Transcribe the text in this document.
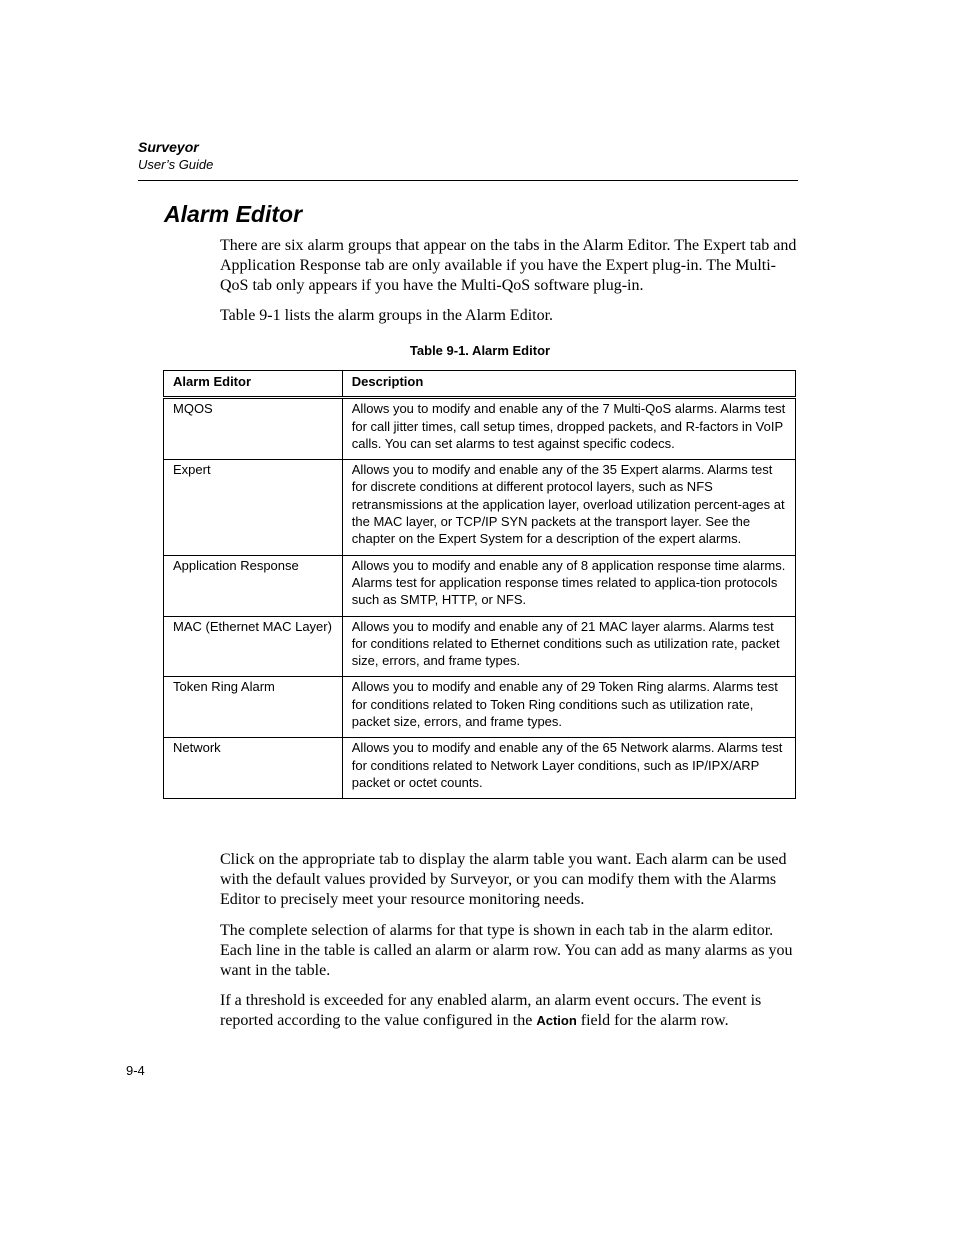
Surveyor
User’s Guide
Alarm Editor

There are six alarm groups that appear on the tabs in the Alarm Editor. The Expert tab and Application Response tab are only available if you have the Expert plug-in. The Multi-QoS tab only appears if you have the Multi-QoS software plug-in.

Table 9-1 lists the alarm groups in the Alarm Editor.

Table 9-1. Alarm Editor
Alarm Editor	Description
MQOS	Allows you to modify and enable any of the 7 Multi-QoS alarms. Alarms test for call jitter times, call setup times, dropped packets, and R-factors in VoIP calls. You can set alarms to test against specific codecs.
Expert	Allows you to modify and enable any of the 35 Expert alarms. Alarms test for discrete conditions at different protocol layers, such as NFS retransmissions at the application layer, overload utilization percent-ages at the MAC layer, or TCP/IP SYN packets at the transport layer. See the chapter on the Expert System for a description of the expert alarms.
Application Response	Allows you to modify and enable any of 8 application response time alarms. Alarms test for application response times related to applica-tion protocols such as SMTP, HTTP, or NFS.
MAC (Ethernet MAC Layer)	Allows you to modify and enable any of 21 MAC layer alarms. Alarms test for conditions related to Ethernet conditions such as utilization rate, packet size, errors, and frame types.
Token Ring Alarm	Allows you to modify and enable any of 29 Token Ring alarms. Alarms test for conditions related to Token Ring conditions such as utilization rate, packet size, errors, and frame types.
Network	Allows you to modify and enable any of the 65 Network alarms. Alarms test for conditions related to Network Layer conditions, such as IP/IPX/ARP packet or octet counts.

Click on the appropriate tab to display the alarm table you want. Each alarm can be used with the default values provided by Surveyor, or you can modify them with the Alarms Editor to precisely meet your resource monitoring needs.

The complete selection of alarms for that type is shown in each tab in the alarm editor. Each line in the table is called an alarm or alarm row. You can add as many alarms as you want in the table.

If a threshold is exceeded for any enabled alarm, an alarm event occurs. The event is reported according to the value configured in the Action field for the alarm row.

9-4
